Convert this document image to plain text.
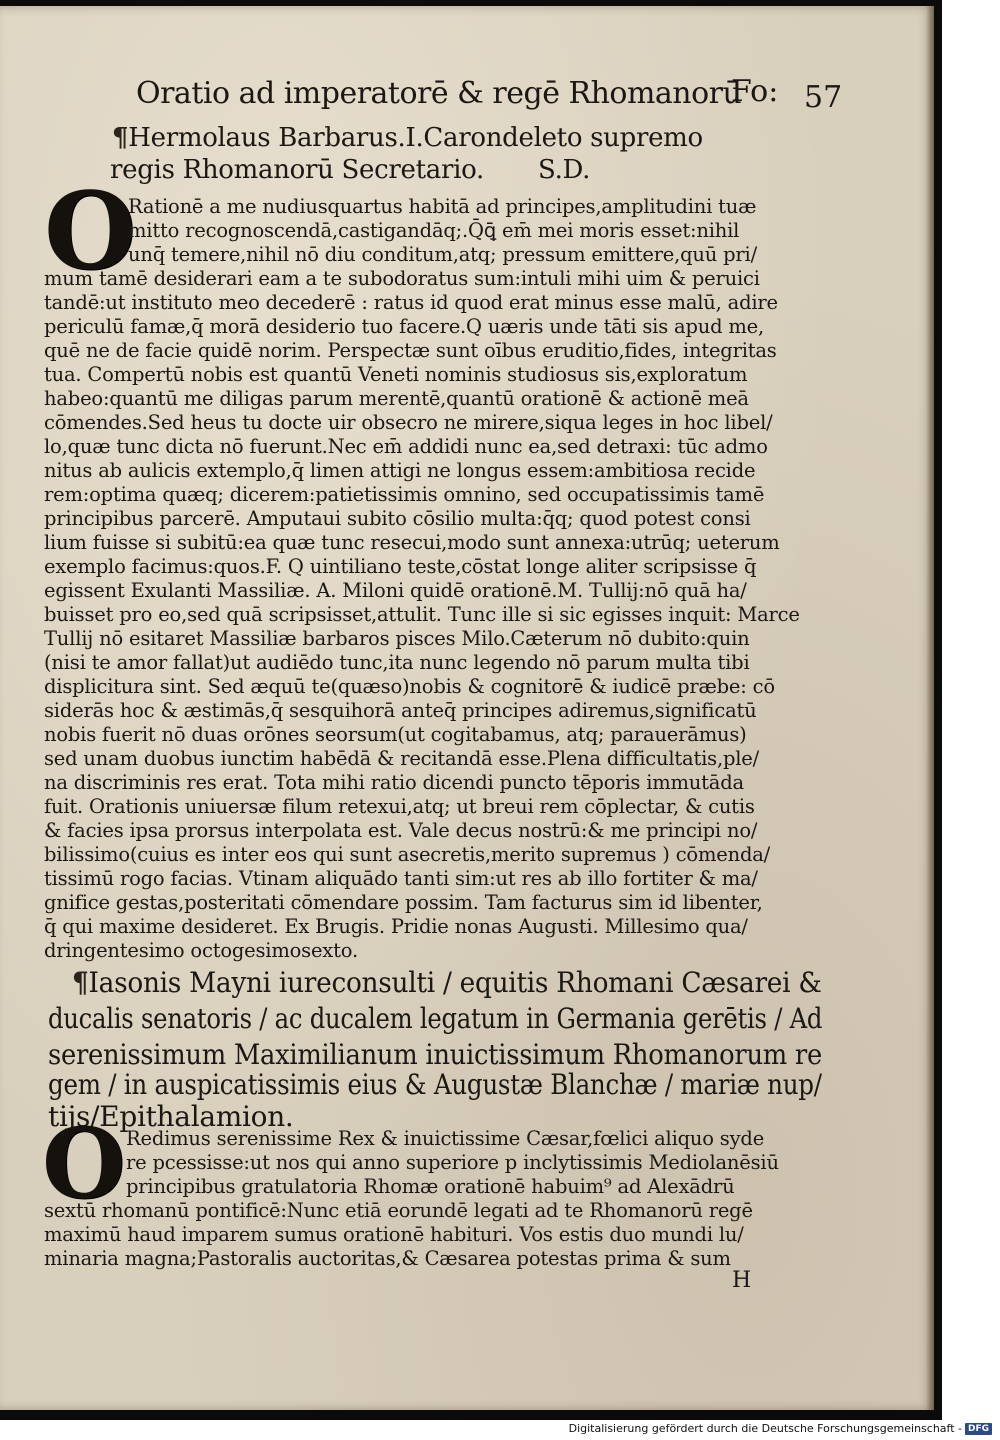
Oratio ad imperatorē & regē Rhomanorū
Fo: 57
¶Hermolaus Barbarus.I.Carondeleto supremo
regis Rhomanorū Secretario. S.D.
O
Rationē a me nudiusquartus habitā ad principes,amplitudini tuæ
mitto recognoscendā,castigandāq;.Q̄ꝗ̄ em̄ mei moris esset:nihil
unq̄ temere,nihil nō diu conditum,atq; pressum emittere,quū pri/
mum tamē desiderari eam a te subodoratus sum:intuli mihi uim & peruici
tandē:ut instituto meo decederē : ratus id quod erat minus esse malū, adire
periculū famæ,q̄ morā desiderio tuo facere.Q uæris unde tāti sis apud me,
quē ne de facie quidē norim. Perspectæ sunt oībus eruditio,fides, integritas
tua. Compertū nobis est quantū Veneti nominis studiosus sis,exploratum
habeo:quantū me diligas parum merentē,quantū orationē & actionē meā
cōmendes.Sed heus tu docte uir obsecro ne mirere,siqua leges in hoc libel/
lo,quæ tunc dicta nō fuerunt.Nec em̄ addidi nunc ea,sed detraxi: tūc admo
nitus ab aulicis extemplo,q̄ limen attigi ne longus essem:ambitiosa recide
rem:optima quæq; dicerem:patietissimis omnino, sed occupatissimis tamē
principibus parcerē. Amputaui subito cōsilio multa:q̄q; quod potest consi
lium fuisse si subitū:ea quæ tunc resecui,modo sunt annexa:utrūq; ueterum
exemplo facimus:quos.F. Q uintiliano teste,cōstat longe aliter scripsisse q̄
egissent Exulanti Massiliæ. A. Miloni quidē orationē.M. Tullij:nō quā ha/
buisset pro eo,sed quā scripsisset,attulit. Tunc ille si sic egisses inquit: Marce
Tullij nō esitaret Massiliæ barbaros pisces Milo.Cæterum nō dubito:quin
(nisi te amor fallat)ut audiēdo tunc,ita nunc legendo nō parum multa tibi
displicitura sint. Sed æquū te(quæso)nobis & cognitorē & iudicē præbe: cō
siderās hoc & æstimās,q̄ sesquihorā anteq̄ principes adiremus,significatū
nobis fuerit nō duas orōnes seorsum(ut cogitabamus, atq; parauerāmus)
sed unam duobus iunctim habēdā & recitandā esse.Plena difficultatis,ple/
na discriminis res erat. Tota mihi ratio dicendi puncto tēporis immutāda
fuit. Orationis uniuersæ filum retexui,atq; ut breui rem cōplectar, & cutis
& facies ipsa prorsus interpolata est. Vale decus nostrū:& me principi no/
bilissimo(cuius es inter eos qui sunt asecretis,merito supremus ) cōmenda/
tissimū rogo facias. Vtinam aliquādo tanti sim:ut res ab illo fortiter & ma/
gnifice gestas,posteritati cōmendare possim. Tam facturus sim id libenter,
q̄ qui maxime desideret. Ex Brugis. Pridie nonas Augusti. Millesimo qua/
dringentesimo octogesimosexto.
¶Iasonis Mayni iureconsulti / equitis Rhomani Cæsarei &
ducalis senatoris / ac ducalem legatum in Germania gerētis / Ad
serenissimum Maximilianum inuictissimum Rhomanorum re
gem / in auspicatissimis eius & Augustæ Blanchæ / mariæ nup/
tijs/Epithalamion.
O Redimus serenissime Rex & inuictissime Cæsar,fœlici aliquo syde
re pcessisse:ut nos qui anno superiore p inclytissimis Mediolanēsiū
principibus gratulatoria Rhomæ orationē habuim⁹ ad Alexādrū
sextū rhomanū pontificē:Nunc etiā eorundē legati ad te Rhomanorū regē
maximū haud imparem sumus orationē habituri. Vos estis duo mundi lu/
minaria magna;Pastoralis auctoritas,& Cæsarea potestas prima & sum
H
Digitalisierung gefördert durch die Deutsche Forschungsgemeinschaft - DFG
